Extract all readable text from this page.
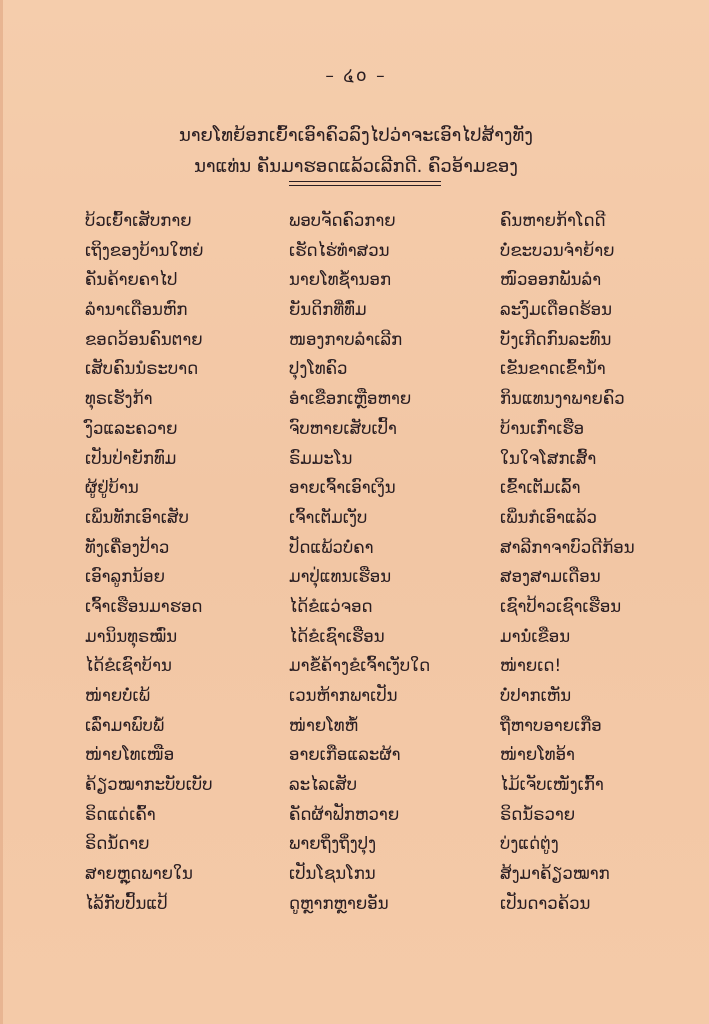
– ໔໐ –
ນາຍໂທຍ້ອກເຍົ້າເອົາຄົວລົງໄປວ່າຈະເອົາໄປສ້າງທັງ
ນາແທ່ນ ຄັນມາຮອດແລ້ວເລີກດີ. ຄົວອ້າມຂອງ
ບ້ວເຍົ້າເສັບກາຍ
ເຖິງຂອງບ້ານໃຫຍ່
ຄັນຄ້າຍຄາໄປ
ລຳນາເດືອນຫົກ
ຂອດວ້ອນຄົນຕາຍ
ເສັບຄົນນໍຣະບາດ
ທຸຣເຮັງກ້າ
ງົວແລະຄວາຍ
ເປັນປ່າຍັກທົມ
ຜູ້ຢູ່ບ້ານ
ເພິ່ນທັກເອົາເສັບ
ທັງເຄື່ອງປ້າວ
ເອົາລູກນ້ອຍ
ເຈົ້າເຮືອນມາຮອດ
ມານິນທຸຣໝົ່ນ
ໄດ້ຂໍເຊົາບ້ານ
ໜ່າຍບໍ່ເພ້
ເລົ່າມາພົບພໍ້
ໜ່າຍໂທເໜືອ
ຄ້ຽວໝາກະບັບເບັບ
ຣິດແດ່ເຄົ້າ
ຣິດນໍ້ດາຍ
ສາຍຫຼຸດພາຍໃນ
ໄລ້ກັບປົ້ນແປ້
ພອບຈັດຄົວກາຍ
ເຮັດໄຮ່ທຳສວນ
ນາຍໂທຊໍ້ານອກ
ຍັນດິກທີ່ທົ່ມ
ໜອງກາບລຳເລີກ
ປຸງໂທຄົວ
ອຳເຂືອກເຫຼືອຫາຍ
ຈົບຫາຍເສັບເປົ້າ
ຣົມມະໂນ
ອາຍເຈົ້າເອົາເງິນ
ເຈົ້າເຕັມເງັບ
ປັດແພ້ວບໍ່ຄາ
ມາປຸ່ແທນເຮືອນ
ໄດ້ຂໍແວ່ຈອດ
ໄດ້ຂໍເຊົາເຮືອນ
ມາຂໍ້ຄ້າງຂໍເຈົ້າເງັບໃດ
ເວນຫ້າກພາເປັນ
ໜ່າຍໂທຫໍ້
ອາຍເກືອແລະຜ້າ
ລະໄລເສັບ
ຄັດຜ້າຟັກຫວາຍ
ພາຍຖິ່ງຖິ່ງປຸງ
ເປັນໂຊນໂກນ
ດູຫຼາກຫຼາຍອັນ
ຄົນຫາຍກ້າໂດດີ
ບໍ່ຂະບວນຈຳຍ້າຍ
ໜົວອອກພັນລຳ
ລະງົມເດືອດຮ້ອນ
ບັງເກີດກົນລະທົນ
ເຂັນຂາດເຂົ້ານ້ຳ
ກິນແທນງາພາຍຄົວ
ບ້ານເກົ່າເຮືອ
ໃນໃຈໂສກເສົ້າ
ເຂົ້າເຕັມເລົ້າ
ເພິ່ນກໍເອົາແລ້ວ
ສາລີກາຈາບົວດີກ້ອນ
ສອງສາມເດືອນ
ເຊົາປ້າວເຊົາເຮືອນ
ມານໍ່ເຂືອນ
ໜ່າຍເດ!
ບໍ່ປາກເຫັນ
ຖືຫາບອາຍເກືອ
ໜ່າຍໂທອ້າ
ໄມ້ເຈັບເໜັງເກົ້າ
ຣິດນໍ້ຣວາຍ
ບ່ງແດ່ຕູ່ງ
ສ້ງມາຄ້ຽວໝາກ
ເປັນດາວຄ້ວນ
